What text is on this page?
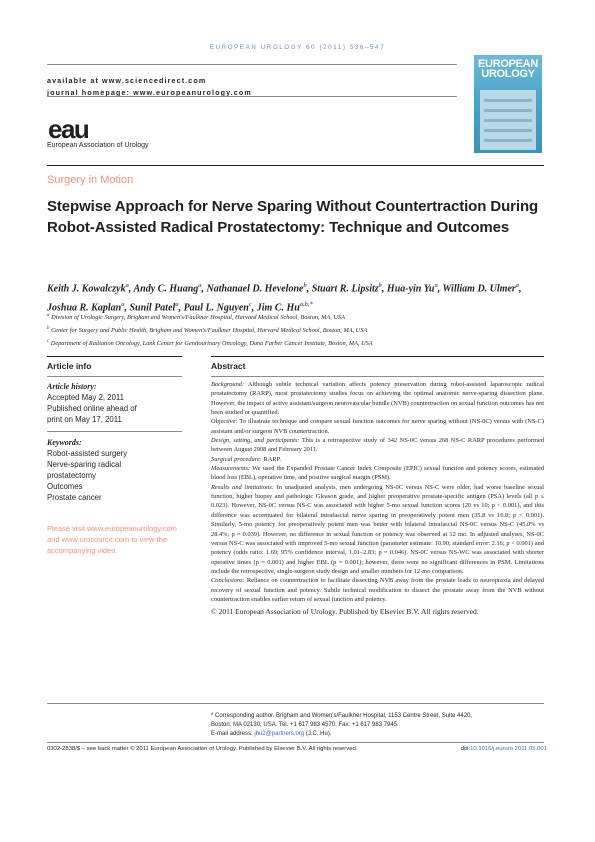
EUROPEAN UROLOGY 60 (2011) 536–547
available at www.sciencedirect.com
journal homepage: www.europeanurology.com
EUROPEAN
UROLOGY
eau
European Association of Urology
Surgery in Motion
Stepwise Approach for Nerve Sparing Without Countertraction During Robot-Assisted Radical Prostatectomy: Technique and Outcomes
Keith J. Kowalczyk$^a$, Andy C. Huang$^a$, Nathanael D. Hevelone$^b$, Stuart R. Lipsitz$^b$, Hua-yin Yu$^a$, William D. Ulmer$^a$, Joshua R. Kaplan$^a$, Sunil Patel$^a$, Paul L. Nguyen$^c$, Jim C. $Hu^{a,b,*}$
$^a$ Division of Urologic Surgery, Brigham and Women's/Faulkner Hospital, Harvard Medical School, Boston, MA, USA
$^b$ Center for Surgery and Public Health, Brigham and Women's/Faulkner Hospital, Harvard Medical School, Boston, MA, USA
$^c$ Department of Radiation Oncology, Lank Center for Genitourinary Oncology, Dana Farber Cancer Institute, Boston, MA, USA
Article info	Abstract
Article history:
Accepted May 2, 2011
Published online ahead of
print on May 17, 2011
Keywords:
Robot-assisted surgery
Nerve-sparing radical
prostatectomy
Outcomes
Prostate cancer
Please visit www.europeanurology.com and www.urosource.com to view the accompanying video.

Background: Although subtle technical variation affects potency preservation during robot-assisted laparoscopic radical prostatectomy (RARP), most prostatectomy studies focus on achieving the optimal anatomic nerve-sparing dissection plane. However, the impact of active assistant/surgeon neurovascular bundle (NVB) countertraction on sexual function outcomes has not been studied or quantified.

Objective: To illustrate technique and compare sexual function outcomes for nerve sparing without (NS-0C) versus with (NS-C) assistant and/or surgeon NVB countertraction.

Design, setting, and participants: This is a retrospective study of 342 NS-0C versus 268 NS-C RARP procedures performed between August 2008 and February 2011.

Surgical procedure: RARP.

Measurements: We used the Expanded Prostate Cancer Index Composite (EPIC) sexual function and potency scores, estimated blood loss (EBL), operative time, and positive surgical margin (PSM).

Results and limitations: In unadjusted analysis, men undergoing NS-0C versus NS-C were older, had worse baseline sexual function, higher biopsy and pathologic Gleason grade, and higher preoperative prostate-specific antigen (PSA) levels (all p ≤ 0.023). However, NS-0C versus NS-C was associated with higher 5-mo sexual function scores (20 vs 10; p < 0.001), and this difference was accentuated for bilateral intrafascial nerve sparing in preoperatively potent men (35.8 vs 16.8; p < 0.001). Similarly, 5-mo potency for preoperatively potent men was better with bilateral intrafascial NS-0C versus NS-C (45.0% vs 28.4%; p = 0.039). However, no difference in sexual function or potency was observed at 12 mo. In adjusted analyses, NS-0C versus NS-C was associated with improved 5-mo sexual function (parameter estimate: 10.90; standard error: 2.16; p < 0.001) and potency (odds ratio: 1.69; 95% confidence interval, 1.01–2.83; p = 0.046). NS-0C versus NS-WC was associated with shorter operative times (p = 0.001) and higher EBL (p = 0.001); however, there were no significant differences in PSM. Limitations include the retrospective, single-surgeon study design and smaller numbers for 12-mo comparison.

Conclusions: Reliance on countertraction to facilitate dissecting NVB away from the prostate leads to neuropraxia and delayed recovery of sexual function and potency. Subtle technical modification to dissect the prostate away from the NVB without countertraction enables earlier return of sexual function and potency.

© 2011 European Association of Urology. Published by Elsevier B.V. All rights reserved.
* Corresponding author. Brigham and Women's/Faulkner Hospital, 1153 Centre Street, Suite 4420,
Boston, MA 02130, USA. Tel. +1 617 983 4570; Fax: +1 617 983 7945.
E-mail address: jhu2@partners.org (J.C. Hu).
0302-2838/$ – see back matter © 2011 European Association of Urology. Published by Elsevier B.V. All rights reserved.	doi:10.1016/j.eururo.2011.05.001
